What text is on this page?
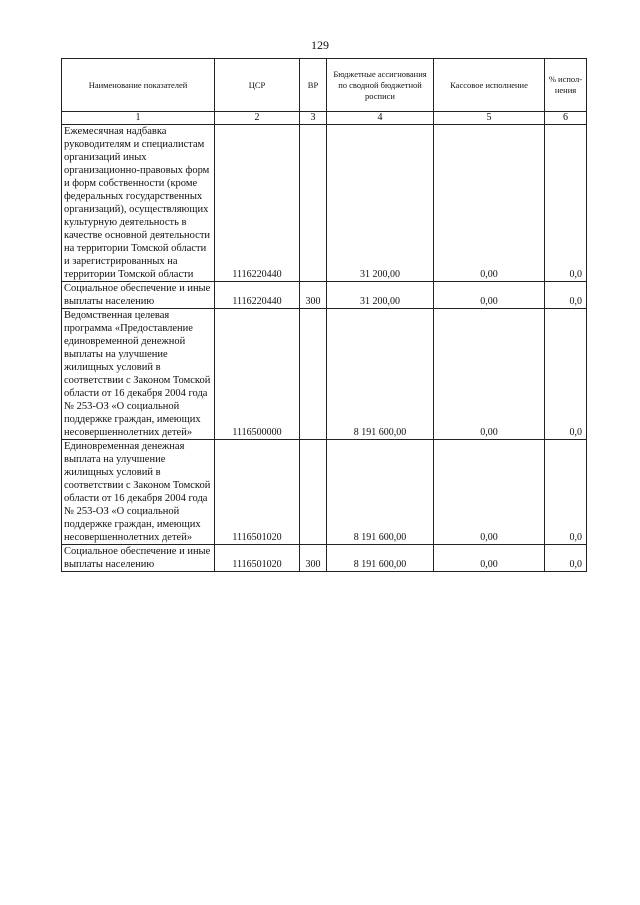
129
Наименование показателей	ЦСР	ВР	Бюджетные ассигнования по сводной бюджетной росписи	Кассовое исполнение	% испол-нения
1	2	3	4	5	6
Ежемесячная надбавка руководителям и специалистам организаций иных организационно-правовых форм и форм собственности (кроме федеральных государственных организаций), осуществляющих культурную деятельность в качестве основной деятельности на территории Томской области и зарегистрированных на территории Томской области	1116220440		31 200,00	0,00	0,0
Социальное обеспечение и иные выплаты населению	1116220440	300	31 200,00	0,00	0,0
Ведомственная целевая программа «Предоставление единовременной денежной выплаты на улучшение жилищных условий в соответствии с Законом Томской области от 16 декабря 2004 года № 253-ОЗ «О социальной поддержке граждан, имеющих несовершеннолетних детей»	1116500000		8 191 600,00	0,00	0,0
Единовременная денежная выплата на улучшение жилищных условий в соответствии с Законом Томской области от 16 декабря 2004 года № 253-ОЗ «О социальной поддержке граждан, имеющих несовершеннолетних детей»	1116501020		8 191 600,00	0,00	0,0
Социальное обеспечение и иные выплаты населению	1116501020	300	8 191 600,00	0,00	0,0
